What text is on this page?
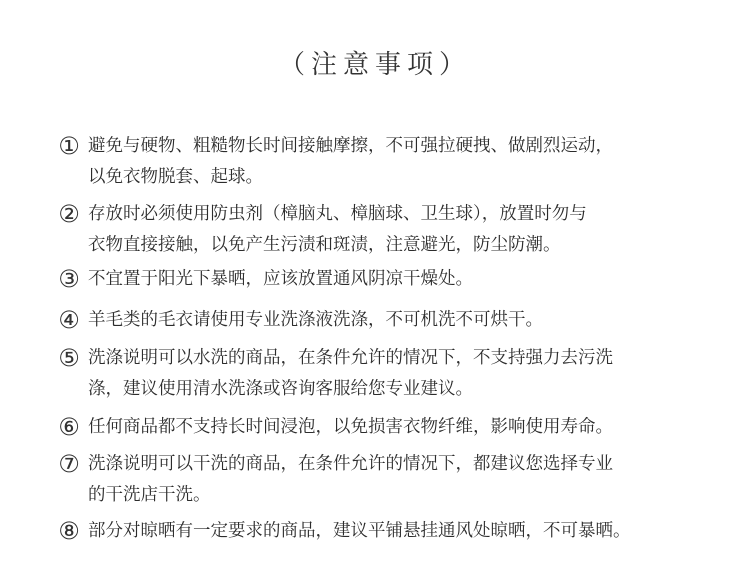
（注意事项）
① 避免与硬物、粗糙物长时间接触摩擦，不可强拉硬拽、做剧烈运动，
以免衣物脱套、起球。
② 存放时必须使用防虫剂（樟脑丸、樟脑球、卫生球），放置时勿与
衣物直接接触，以免产生污渍和斑渍，注意避光，防尘防潮。
③ 不宜置于阳光下暴晒，应该放置通风阴凉干燥处。
④ 羊毛类的毛衣请使用专业洗涤液洗涤，不可机洗不可烘干。
⑤ 洗涤说明可以水洗的商品，在条件允许的情况下，不支持强力去污洗
涤，建议使用清水洗涤或咨询客服给您专业建议。
⑥ 任何商品都不支持长时间浸泡，以免损害衣物纤维，影响使用寿命。
⑦ 洗涤说明可以干洗的商品，在条件允许的情况下，都建议您选择专业
的干洗店干洗。
⑧ 部分对晾晒有一定要求的商品，建议平铺悬挂通风处晾晒，不可暴晒。
